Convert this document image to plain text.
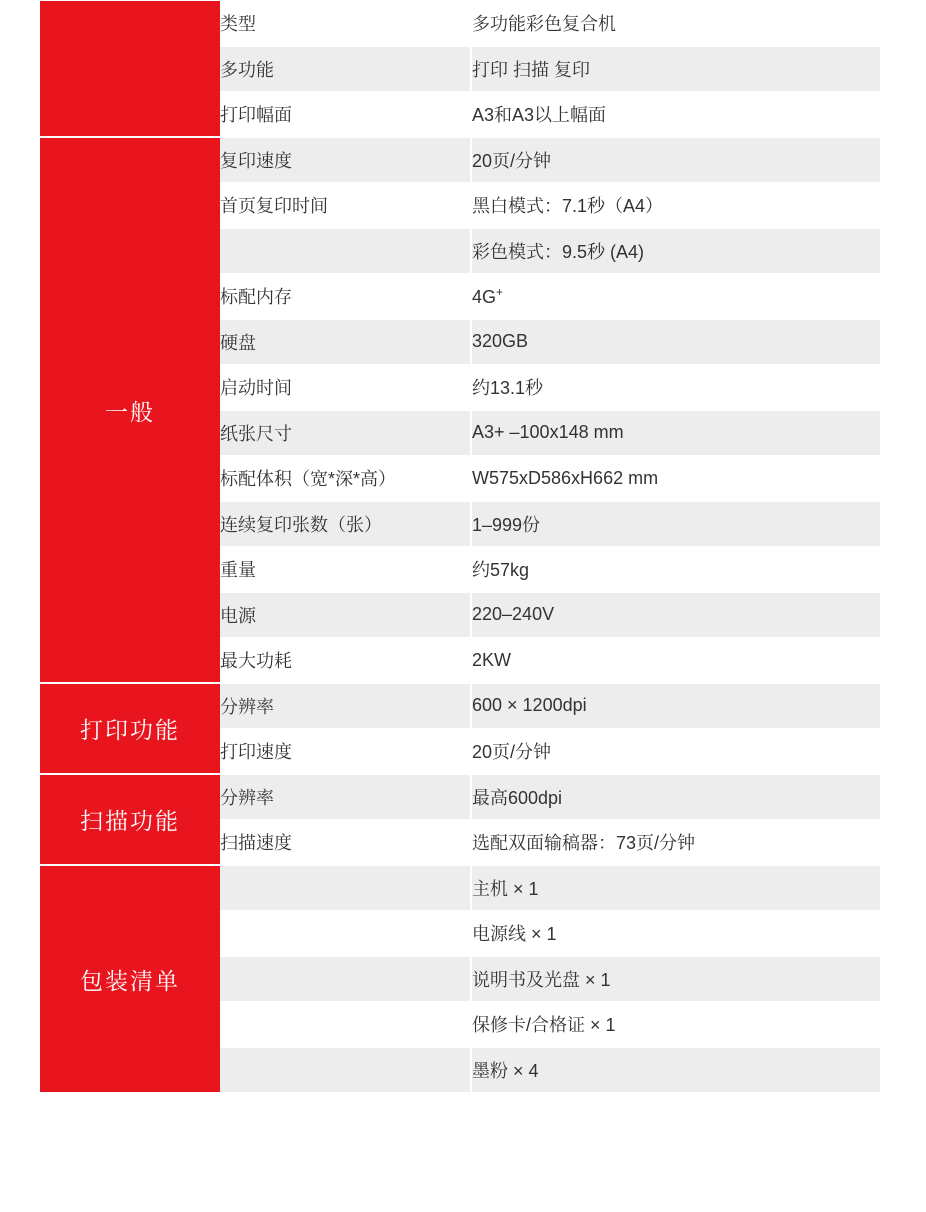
	类型	多功能彩色复合机
	多功能	打印 扫描 复印
	打印幅面	A3和A3以上幅面
一般	复印速度	20页/分钟
	首页复印时间	黑白模式：7.1秒（A4）
		彩色模式：9.5秒 (A4)
	标配内存	4G+
	硬盘	320GB
	启动时间	约13.1秒
	纸张尺寸	A3+ –100x148 mm
	标配体积（宽*深*高）	W575xD586xH662 mm
	连续复印张数（张）	1–999份
	重量	约57kg
	电源	220–240V
	最大功耗	2KW
打印功能	分辨率	600 × 1200dpi
	打印速度	20页/分钟
扫描功能	分辨率	最高600dpi
	扫描速度	选配双面输稿器：73页/分钟
包装清单		主机 × 1
		电源线 × 1
		说明书及光盘 × 1
		保修卡/合格证 × 1
		墨粉 × 4
